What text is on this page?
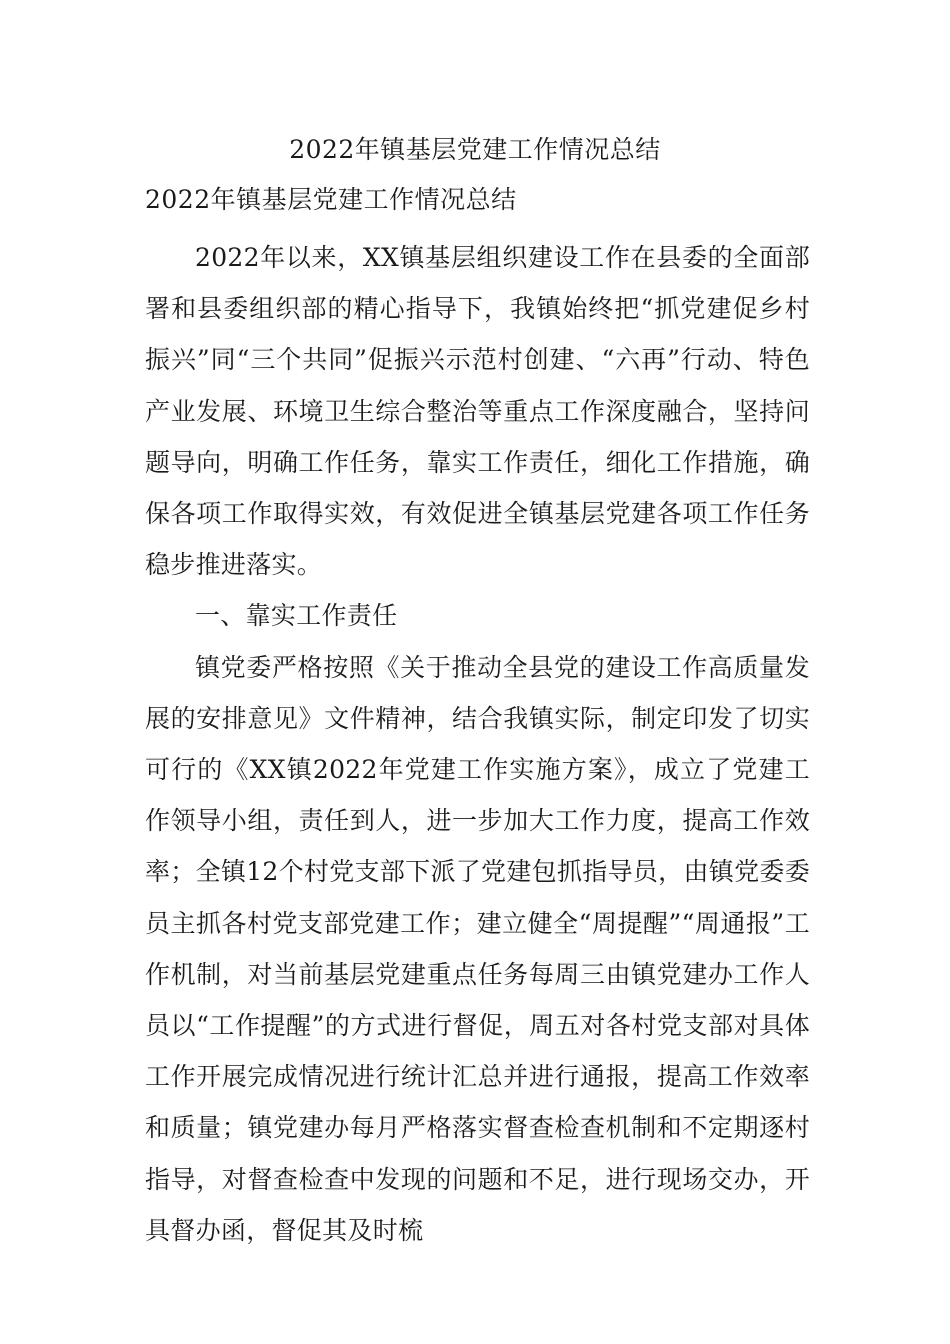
2022年镇基层党建工作情况总结
2022年镇基层党建工作情况总结

2022年以来，XX镇基层组织建设工作在县委的全面部署和县委组织部的精心指导下，我镇始终把“抓党建促乡村振兴”同“三个共同”促振兴示范村创建、“六再”行动、特色产业发展、环境卫生综合整治等重点工作深度融合，坚持问题导向，明确工作任务，靠实工作责任，细化工作措施，确保各项工作取得实效，有效促进全镇基层党建各项工作任务稳步推进落实。

一、靠实工作责任

镇党委严格按照《关于推动全县党的建设工作高质量发展的安排意见》文件精神，结合我镇实际，制定印发了切实可行的《XX镇2022年党建工作实施方案》，成立了党建工作领导小组，责任到人，进一步加大工作力度，提高工作效率；全镇12个村党支部下派了党建包抓指导员，由镇党委委员主抓各村党支部党建工作；建立健全“周提醒”“周通报”工作机制，对当前基层党建重点任务每周三由镇党建办工作人员以“工作提醒”的方式进行督促，周五对各村党支部对具体工作开展完成情况进行统计汇总并进行通报，提高工作效率和质量；镇党建办每月严格落实督查检查机制和不定期逐村指导，对督查检查中发现的问题和不足，进行现场交办，开具督办函，督促其及时梳
